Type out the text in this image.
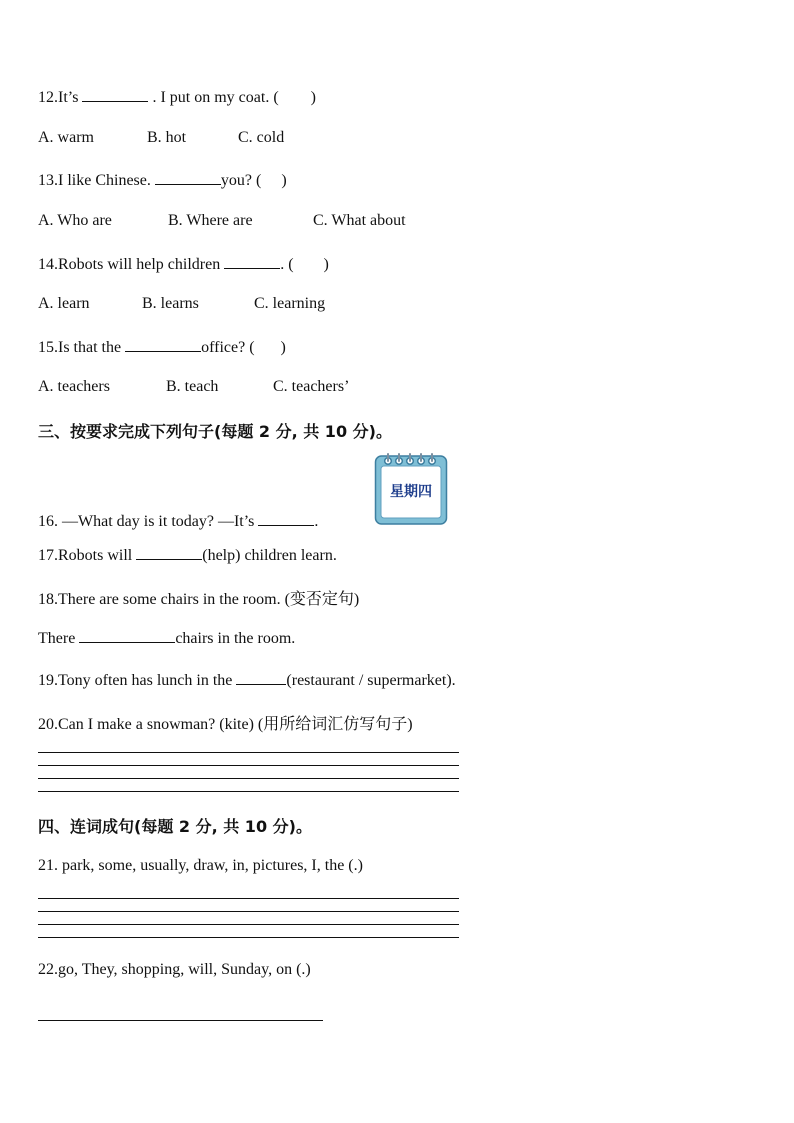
12.It’s	. I put on my coat. ( )
A. warm	B. hot	C. cold
13.I like Chinese.	you? ( )
A. Who are	B. Where are	C. What about
14.Robots will help children	. ( )
A. learn	B. learns	C. learning
15.Is that the	office? ( )
A. teachers	B. teach	C. teachers’
三、按要求完成下列句子(每题 2 分, 共 10 分)。
星期四
16. —What day is it today? —It’s	.
17.Robots will	(help) children learn.
18.There are some chairs in the room. (变否定句)
There	chairs in the room.
19.Tony often has lunch in the	(restaurant / supermarket).
20.Can I make a snowman? (kite) (用所给词汇仿写句子)
四、连词成句(每题 2 分, 共 10 分)。
21. park, some, usually, draw, in, pictures, I, the (.)
22.go, They, shopping, will, Sunday, on (.)
